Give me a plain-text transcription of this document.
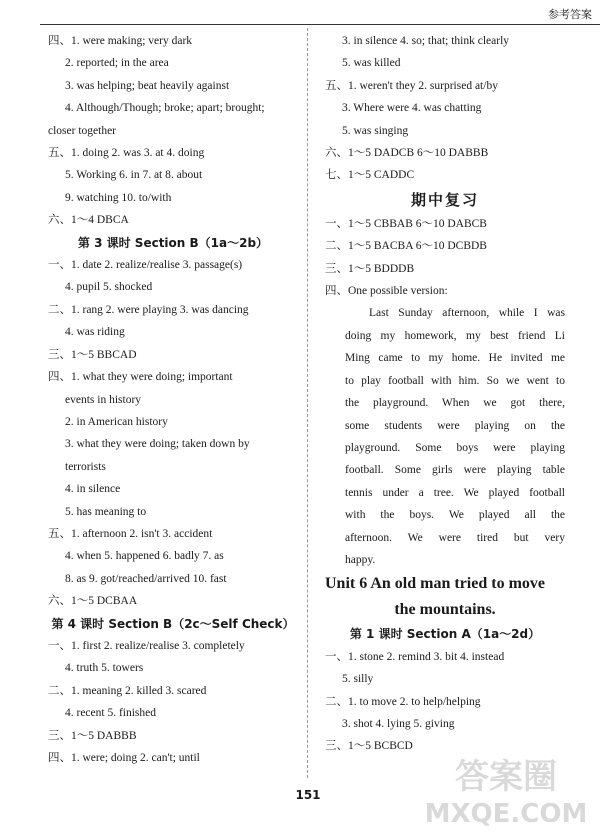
参考答案
四、1. were making; very dark
2. reported; in the area
3. was helping; beat heavily against
4. Although/Though; broke; apart; brought;
closer together
五、1. doing 2. was 3. at 4. doing
5. Working 6. in 7. at 8. about
9. watching 10. to/with
六、1～4 DBCA
第 3 课时 Section B（1a～2b）
一、1. date 2. realize/realise 3. passage(s)
4. pupil 5. shocked
二、1. rang 2. were playing 3. was dancing
4. was riding
三、1～5 BBCAD
四、1. what they were doing; important
events in history
2. in American history
3. what they were doing; taken down by
terrorists
4. in silence
5. has meaning to
五、1. afternoon 2. isn't 3. accident
4. when 5. happened 6. badly 7. as
8. as 9. got/reached/arrived 10. fast
六、1～5 DCBAA
第 4 课时 Section B（2c～Self Check）
一、1. first 2. realize/realise 3. completely
4. truth 5. towers
二、1. meaning 2. killed 3. scared
4. recent 5. finished
三、1～5 DABBB
四、1. were; doing 2. can't; until
3. in silence 4. so; that; think clearly
5. was killed
五、1. weren't they 2. surprised at/by
3. Where were 4. was chatting
5. was singing
六、1～5 DADCB 6～10 DABBB
七、1～5 CADDC
期中复习
一、1～5 CBBAB 6～10 DABCB
二、1～5 BACBA 6～10 DCBDB
三、1～5 BDDDB
四、One possible version:
Last Sunday afternoon, while I was
doing my homework, my best friend Li
Ming came to my home. He invited me
to play football with him. So we went to
the playground. When we got there,
some students were playing on the
playground. Some boys were playing
football. Some girls were playing table
tennis under a tree. We played football
with the boys. We played all the
afternoon. We were tired but very
happy.
Unit 6 An old man tried to move
the mountains.
第 1 课时 Section A（1a～2d）
一、1. stone 2. remind 3. bit 4. instead
5. silly
二、1. to move 2. to help/helping
3. shot 4. lying 5. giving
三、1～5 BCBCD
151	答案圈
MXQE.COM
